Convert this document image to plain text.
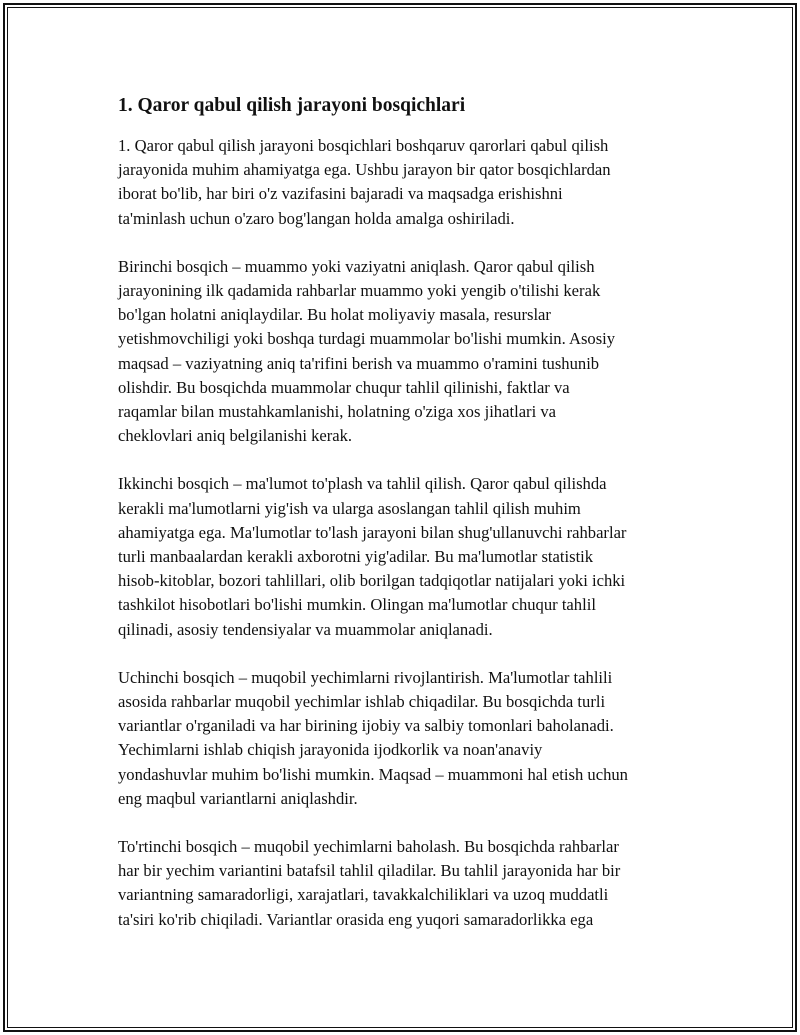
1. Qaror qabul qilish jarayoni bosqichlari
1. Qaror qabul qilish jarayoni bosqichlari boshqaruv qarorlari qabul qilish
jarayonida muhim ahamiyatga ega. Ushbu jarayon bir qator bosqichlardan
iborat bo'lib, har biri o'z vazifasini bajaradi va maqsadga erishishni
ta'minlash uchun o'zaro bog'langan holda amalga oshiriladi.
Birinchi bosqich – muammo yoki vaziyatni aniqlash. Qaror qabul qilish
jarayonining ilk qadamida rahbarlar muammo yoki yengib o'tilishi kerak
bo'lgan holatni aniqlaydilar. Bu holat moliyaviy masala, resurslar
yetishmovchiligi yoki boshqa turdagi muammolar bo'lishi mumkin. Asosiy
maqsad – vaziyatning aniq ta'rifini berish va muammo o'ramini tushunib
olishdir. Bu bosqichda muammolar chuqur tahlil qilinishi, faktlar va
raqamlar bilan mustahkamlanishi, holatning o'ziga xos jihatlari va
cheklovlari aniq belgilanishi kerak.
Ikkinchi bosqich – ma'lumot to'plash va tahlil qilish. Qaror qabul qilishda
kerakli ma'lumotlarni yig'ish va ularga asoslangan tahlil qilish muhim
ahamiyatga ega. Ma'lumotlar to'lash jarayoni bilan shug'ullanuvchi rahbarlar
turli manbaalardan kerakli axborotni yig'adilar. Bu ma'lumotlar statistik
hisob-kitoblar, bozori tahlillari, olib borilgan tadqiqotlar natijalari yoki ichki
tashkilot hisobotlari bo'lishi mumkin. Olingan ma'lumotlar chuqur tahlil
qilinadi, asosiy tendensiyalar va muammolar aniqlanadi.
Uchinchi bosqich – muqobil yechimlarni rivojlantirish. Ma'lumotlar tahlili
asosida rahbarlar muqobil yechimlar ishlab chiqadilar. Bu bosqichda turli
variantlar o'rganiladi va har birining ijobiy va salbiy tomonlari baholanadi.
Yechimlarni ishlab chiqish jarayonida ijodkorlik va noan'anaviy
yondashuvlar muhim bo'lishi mumkin. Maqsad – muammoni hal etish uchun
eng maqbul variantlarni aniqlashdir.
To'rtinchi bosqich – muqobil yechimlarni baholash. Bu bosqichda rahbarlar
har bir yechim variantini batafsil tahlil qiladilar. Bu tahlil jarayonida har bir
variantning samaradorligi, xarajatlari, tavakkalchiliklari va uzoq muddatli
ta'siri ko'rib chiqiladi. Variantlar orasida eng yuqori samaradorlikka ega
